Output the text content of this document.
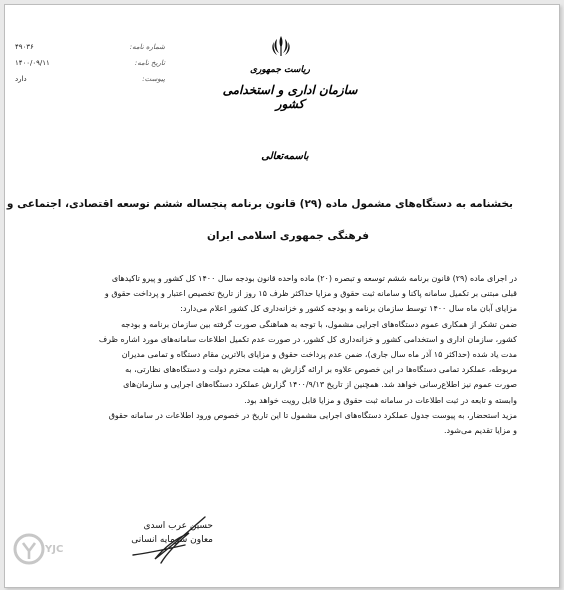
شماره نامه:
۴۹۰۳۶
تاریخ نامه:
۱۴۰۰/۰۹/۱۱
پیوست:
دارد
ریاست جمهوری
سازمان اداری و استخدامی کشور
باسمه‌تعالی
بخشنامه به دستگاه‌های مشمول ماده (۲۹) قانون برنامه پنجساله ششم توسعه اقتصادی، اجتماعی و
فرهنگی جمهوری اسلامی ایران
در اجرای ماده (۲۹) قانون برنامه ششم توسعه و تبصره (۲۰) ماده واحده قانون بودجه سال ۱۴۰۰ کل کشور و پیرو تاکیدهای
قبلی مبتنی بر تکمیل سامانه پاکنا و سامانه ثبت حقوق و مزایا حداکثر ظرف ۱۵ روز از تاریخ تخصیص اعتبار و پرداخت حقوق و
مزایای آبان ماه سال ۱۴۰۰ توسط سازمان برنامه و بودجه کشور و خزانه‌داری کل کشور اعلام می‌دارد:
ضمن تشکر از همکاری عموم دستگاه‌های اجرایی مشمول، با توجه به هماهنگی صورت گرفته بین سازمان برنامه و بودجه
کشور، سازمان اداری و استخدامی کشور و خزانه‌داری کل کشور، در صورت عدم تکمیل اطلاعات سامانه‌های مورد اشاره ظرف
مدت یاد شده (حداکثر ۱۵ آذر ماه سال جاری)، ضمن عدم پرداخت حقوق و مزایای بالاترین مقام دستگاه و تمامی مدیران
مربوطه، عملکرد تمامی دستگاه‌ها در این خصوص علاوه بر ارائه گزارش به هیئت محترم دولت و دستگاه‌های نظارتی، به
صورت عموم نیز اطلاع‌رسانی خواهد شد. همچنین از تاریخ ۱۴۰۰/۹/۱۳ گزارش عملکرد دستگاه‌های اجرایی و سازمان‌های
وابسته و تابعه در ثبت اطلاعات در سامانه ثبت حقوق و مزایا قابل رویت خواهد بود.
مزید استحضار، به پیوست جدول عملکرد دستگاه‌های اجرایی مشمول تا این تاریخ در خصوص ورود اطلاعات در سامانه حقوق
و مزایا تقدیم می‌شود.
حسین عرب اسدی
معاون سرمایه انسانی
YJC
